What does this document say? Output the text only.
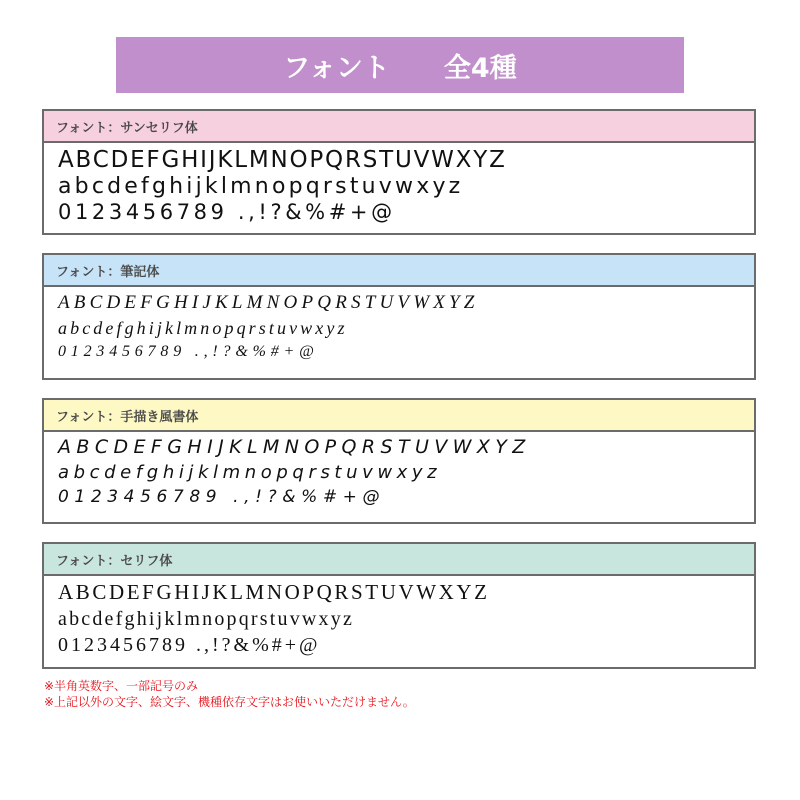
フォント　　全4種
フォント：サンセリフ体
ABCDEFGHIJKLMNOPQRSTUVWXYZ
abcdefghijklmnopqrstuvwxyz
0123456789 .,!?&%#+@
フォント：筆記体
ABCDEFGHIJKLMNOPQRSTUVWXYZ
abcdefghijklmnopqrstuvwxyz
0123456789 .,!?&%#+@
フォント：手描き風書体
ABCDEFGHIJKLMNOPQRSTUVWXYZ
abcdefghijklmnopqrstuvwxyz
0123456789 .,!?&%#+@
フォント：セリフ体
ABCDEFGHIJKLMNOPQRSTUVWXYZ
abcdefghijklmnopqrstuvwxyz
0123456789 .,!?&%#+@
※半角英数字、一部記号のみ
※上記以外の文字、絵文字、機種依存文字はお使いいただけません。
